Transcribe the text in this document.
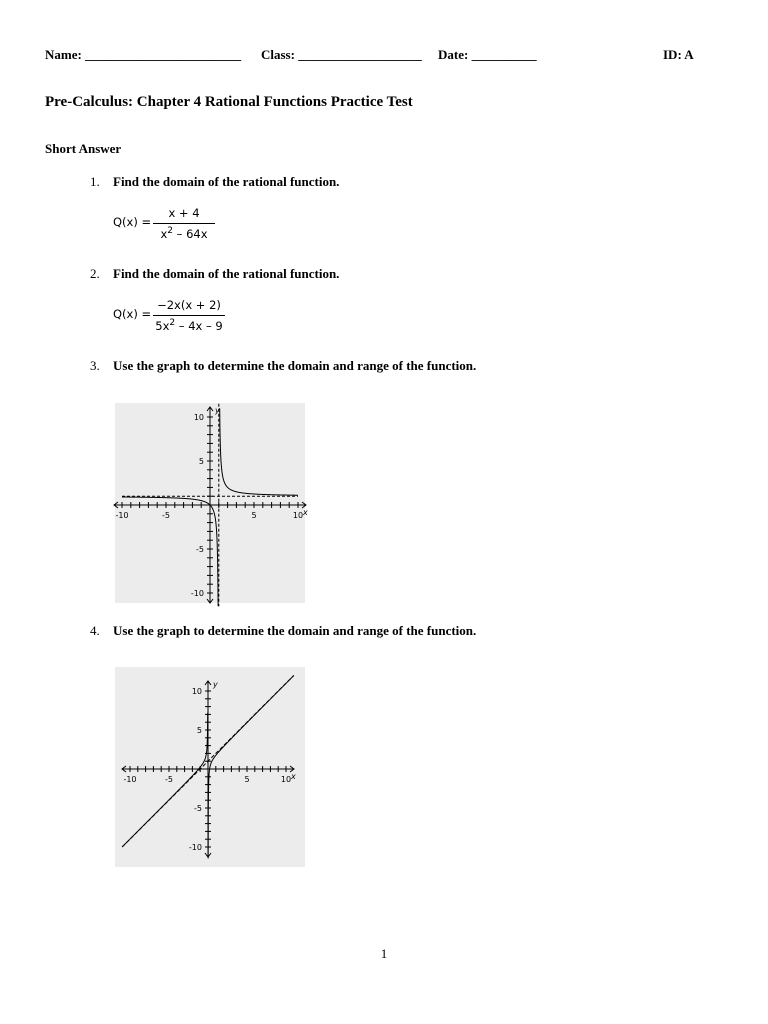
Name: ________________________ Class: ___________________ Date: __________	ID: A
Pre-Calculus: Chapter 4 Rational Functions Practice Test
Short Answer
1. Find the domain of the rational function.
Q(x) =
x + 4
$x^2 - 64x$
2. Find the domain of the rational function.
Q(x) =
−2x(x + 2)
$5x^2 - 4x - 9$
3. Use the graph to determine the domain and range of the function.
-10	-5	5	10
10
5
-5
-10
x
y
4. Use the graph to determine the domain and range of the function.
-10	-5	5	10
10
5
-5
-10
x
y
1
